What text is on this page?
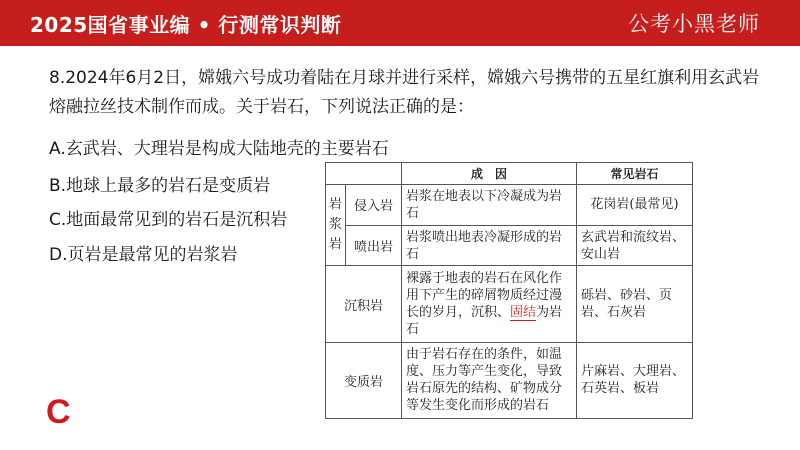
2025国省事业编 • 行测常识判断	公考小黑老师
8.2024年6月2日，嫦娥六号成功着陆在月球并进行采样，嫦娥六号携带的五星红旗利用玄武岩熔融拉丝技术制作而成。关于岩石，下列说法正确的是：
A.玄武岩、大理岩是构成大陆地壳的主要岩石
B.地球上最多的岩石是变质岩
C.地面最常见到的岩石是沉积岩
D.页岩是最常见的岩浆岩
C
		成　因	常见岩石
岩浆岩	侵入岩	岩浆在地表以下冷凝成为岩石	花岗岩(最常见)
	喷出岩	岩浆喷出地表冷凝形成的岩石	玄武岩和流纹岩、安山岩
沉积岩		裸露于地表的岩石在风化作用下产生的碎屑物质经过漫长的岁月，沉积、固结为岩石	砾岩、砂岩、页岩、石灰岩
变质岩		由于岩石存在的条件，如温度、压力等产生变化，导致岩石原先的结构、矿物成分等发生变化而形成的岩石	片麻岩、大理岩、石英岩、板岩
